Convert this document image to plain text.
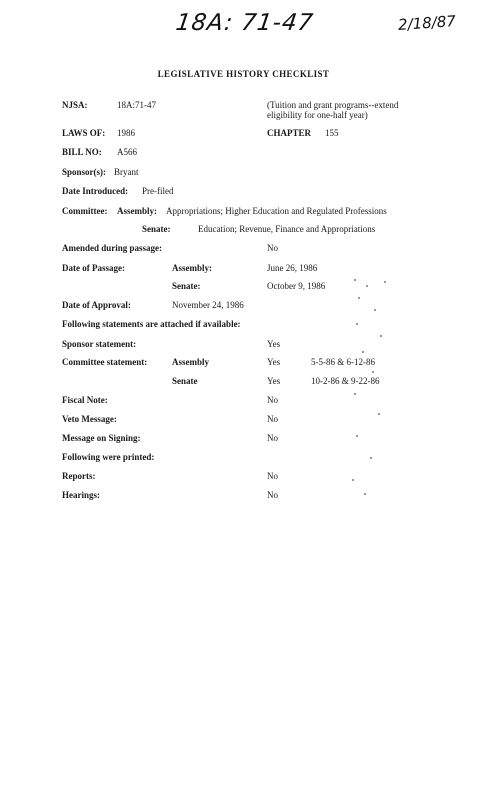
18A: 71-47	2/18/87
LEGISLATIVE HISTORY CHECKLIST
NJSA:	18A:71-47	(Tuition and grant programs--extend
eligibility for one-half year)
LAWS OF: 1986	CHAPTER 155
BILL NO: A566
Sponsor(s): Bryant
Date Introduced: Pre-filed
Committee: Assembly: Appropriations; Higher Education and Regulated Professions
Senate:	Education; Revenue, Finance and Appropriations
Amended during passage:	No
Date of Passage:	Assembly:	June 26, 1986
Senate:	October 9, 1986
Date of Approval:	November 24, 1986
Following statements are attached if available:
Sponsor statement:	Yes
Committee statement:	Assembly	Yes	5-5-86 & 6-12-86
Senate	Yes	10-2-86 & 9-22-86
Fiscal Note:	No
Veto Message:	No
Message on Signing:	No
Following were printed:
Reports:	No
Hearings:	No
